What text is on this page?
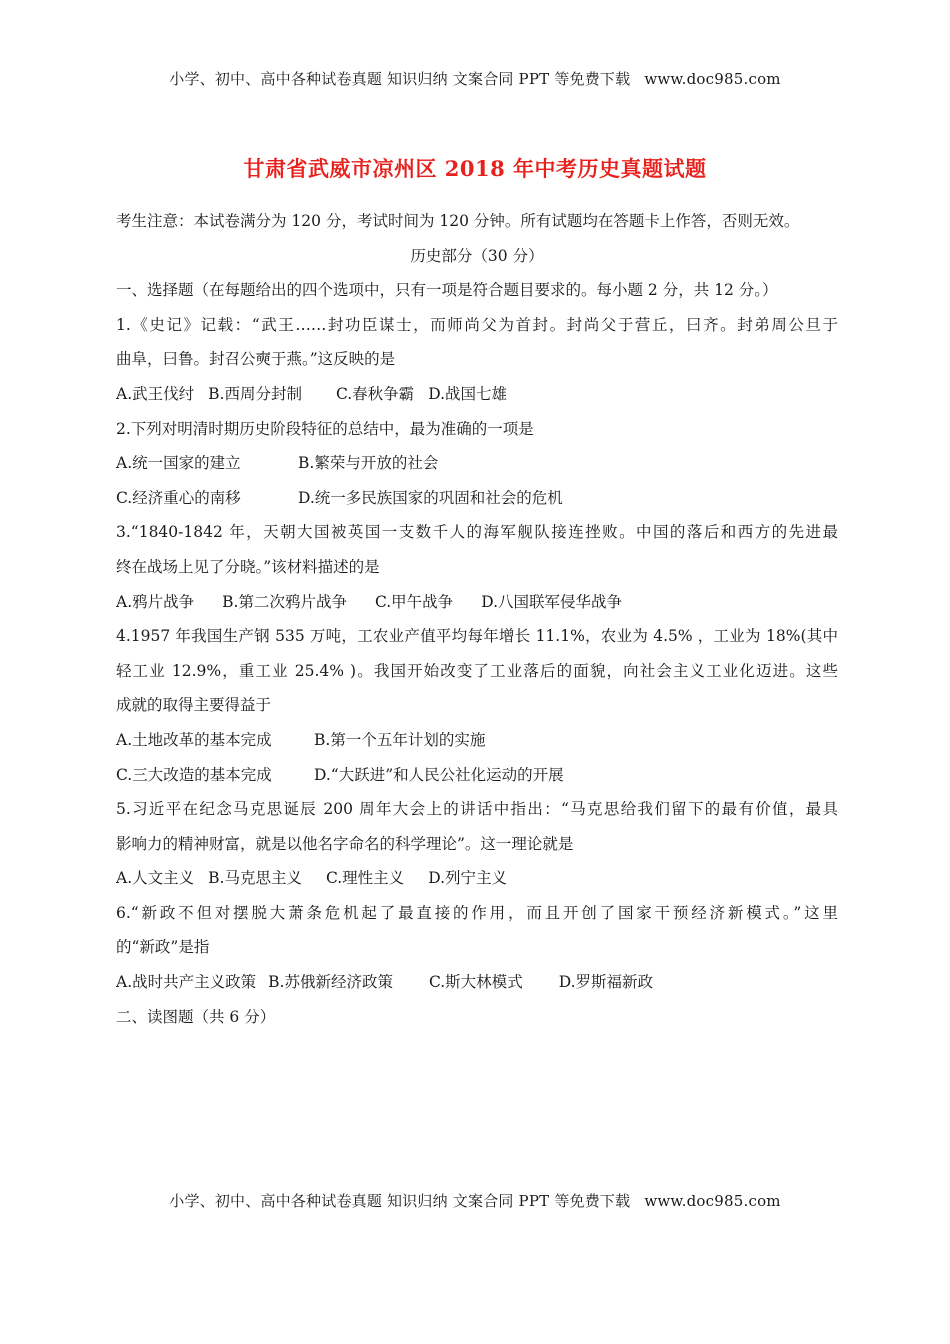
小学、初中、高中各种试卷真题 知识归纳 文案合同 PPT 等免费下载 www.doc985.com
甘肃省武威市凉州区 2018 年中考历史真题试题
考生注意：本试卷满分为 120 分，考试时间为 120 分钟。所有试题均在答题卡上作答，否则无效。
历史部分（30 分）
一、选择题（在每题给出的四个选项中，只有一项是符合题目要求的。每小题 2 分，共 12 分。）
1.《史记》记载：“武王……封功臣谋士，而师尚父为首封。封尚父于营丘，曰齐。封弟周公旦于
曲阜，曰鲁。封召公奭于燕。”这反映的是
A.武王伐纣 B.西周分封制 C.春秋争霸 D.战国七雄
2.下列对明清时期历史阶段特征的总结中，最为准确的一项是
A.统一国家的建立	B.繁荣与开放的社会
C.经济重心的南移	D.统一多民族国家的巩固和社会的危机
3.“1840-1842 年，天朝大国被英国一支数千人的海军舰队接连挫败。中国的落后和西方的先进最
终在战场上见了分晓。”该材料描述的是
A.鸦片战争 B.第二次鸦片战争 C.甲午战争 D.八国联军侵华战争
4.1957 年我国生产钢 535 万吨，工农业产值平均每年增长 11.1%，农业为 4.5% ，工业为 18%(其中
轻工业 12.9%，重工业 25.4% )。我国开始改变了工业落后的面貌，向社会主义工业化迈进。这些
成就的取得主要得益于
A.土地改革的基本完成	B.第一个五年计划的实施
C.三大改造的基本完成	D.“大跃进”和人民公社化运动的开展
5.习近平在纪念马克思诞辰 200 周年大会上的讲话中指出：“马克思给我们留下的最有价值，最具
影响力的精神财富，就是以他名字命名的科学理论”。这一理论就是
A.人文主义 B.马克思主义 C.理性主义 D.列宁主义
6.“新政不但对摆脱大萧条危机起了最直接的作用，而且开创了国家干预经济新模式。”这里
的“新政”是指
A.战时共产主义政策 B.苏俄新经济政策 C.斯大林模式 D.罗斯福新政
二、读图题（共 6 分）
小学、初中、高中各种试卷真题 知识归纳 文案合同 PPT 等免费下载 www.doc985.com
